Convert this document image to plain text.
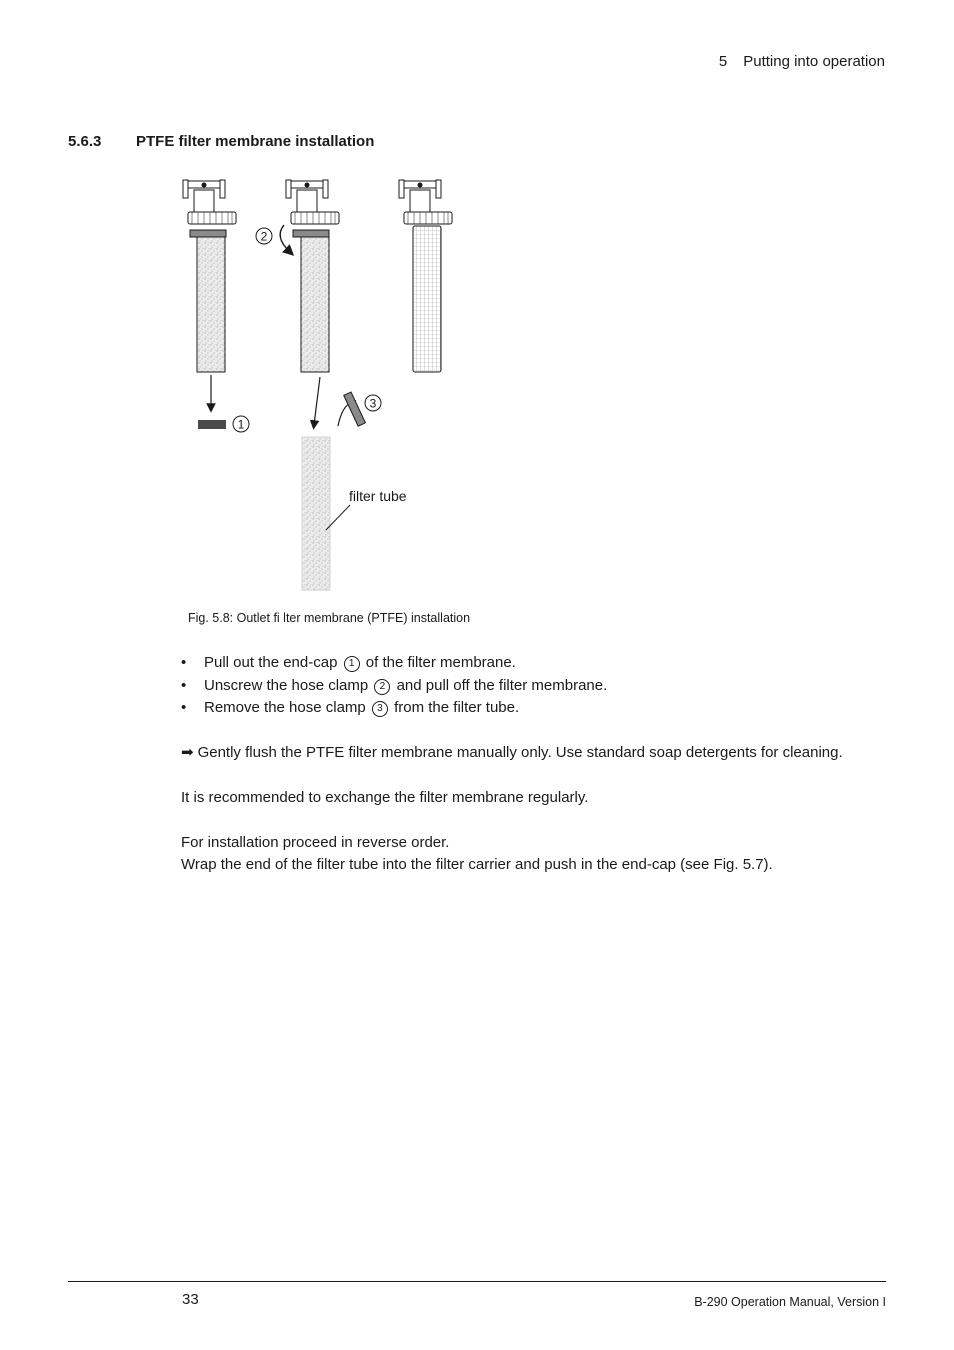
5 Putting into operation
5.6.3 PTFE filter membrane installation
1
2
3
filter tube
Fig. 5.8: Outlet fi lter membrane (PTFE) installation
• Pull out the end-cap 1 of the filter membrane.
• Unscrew the hose clamp 2 and pull off the filter membrane.
• Remove the hose clamp 3 from the filter tube.
➡ Gently flush the PTFE filter membrane manually only. Use standard soap detergents for cleaning.
It is recommended to exchange the filter membrane regularly.
For installation proceed in reverse order.
Wrap the end of the filter tube into the filter carrier and push in the end-cap (see Fig. 5.7).
33	B-290 Operation Manual, Version I
